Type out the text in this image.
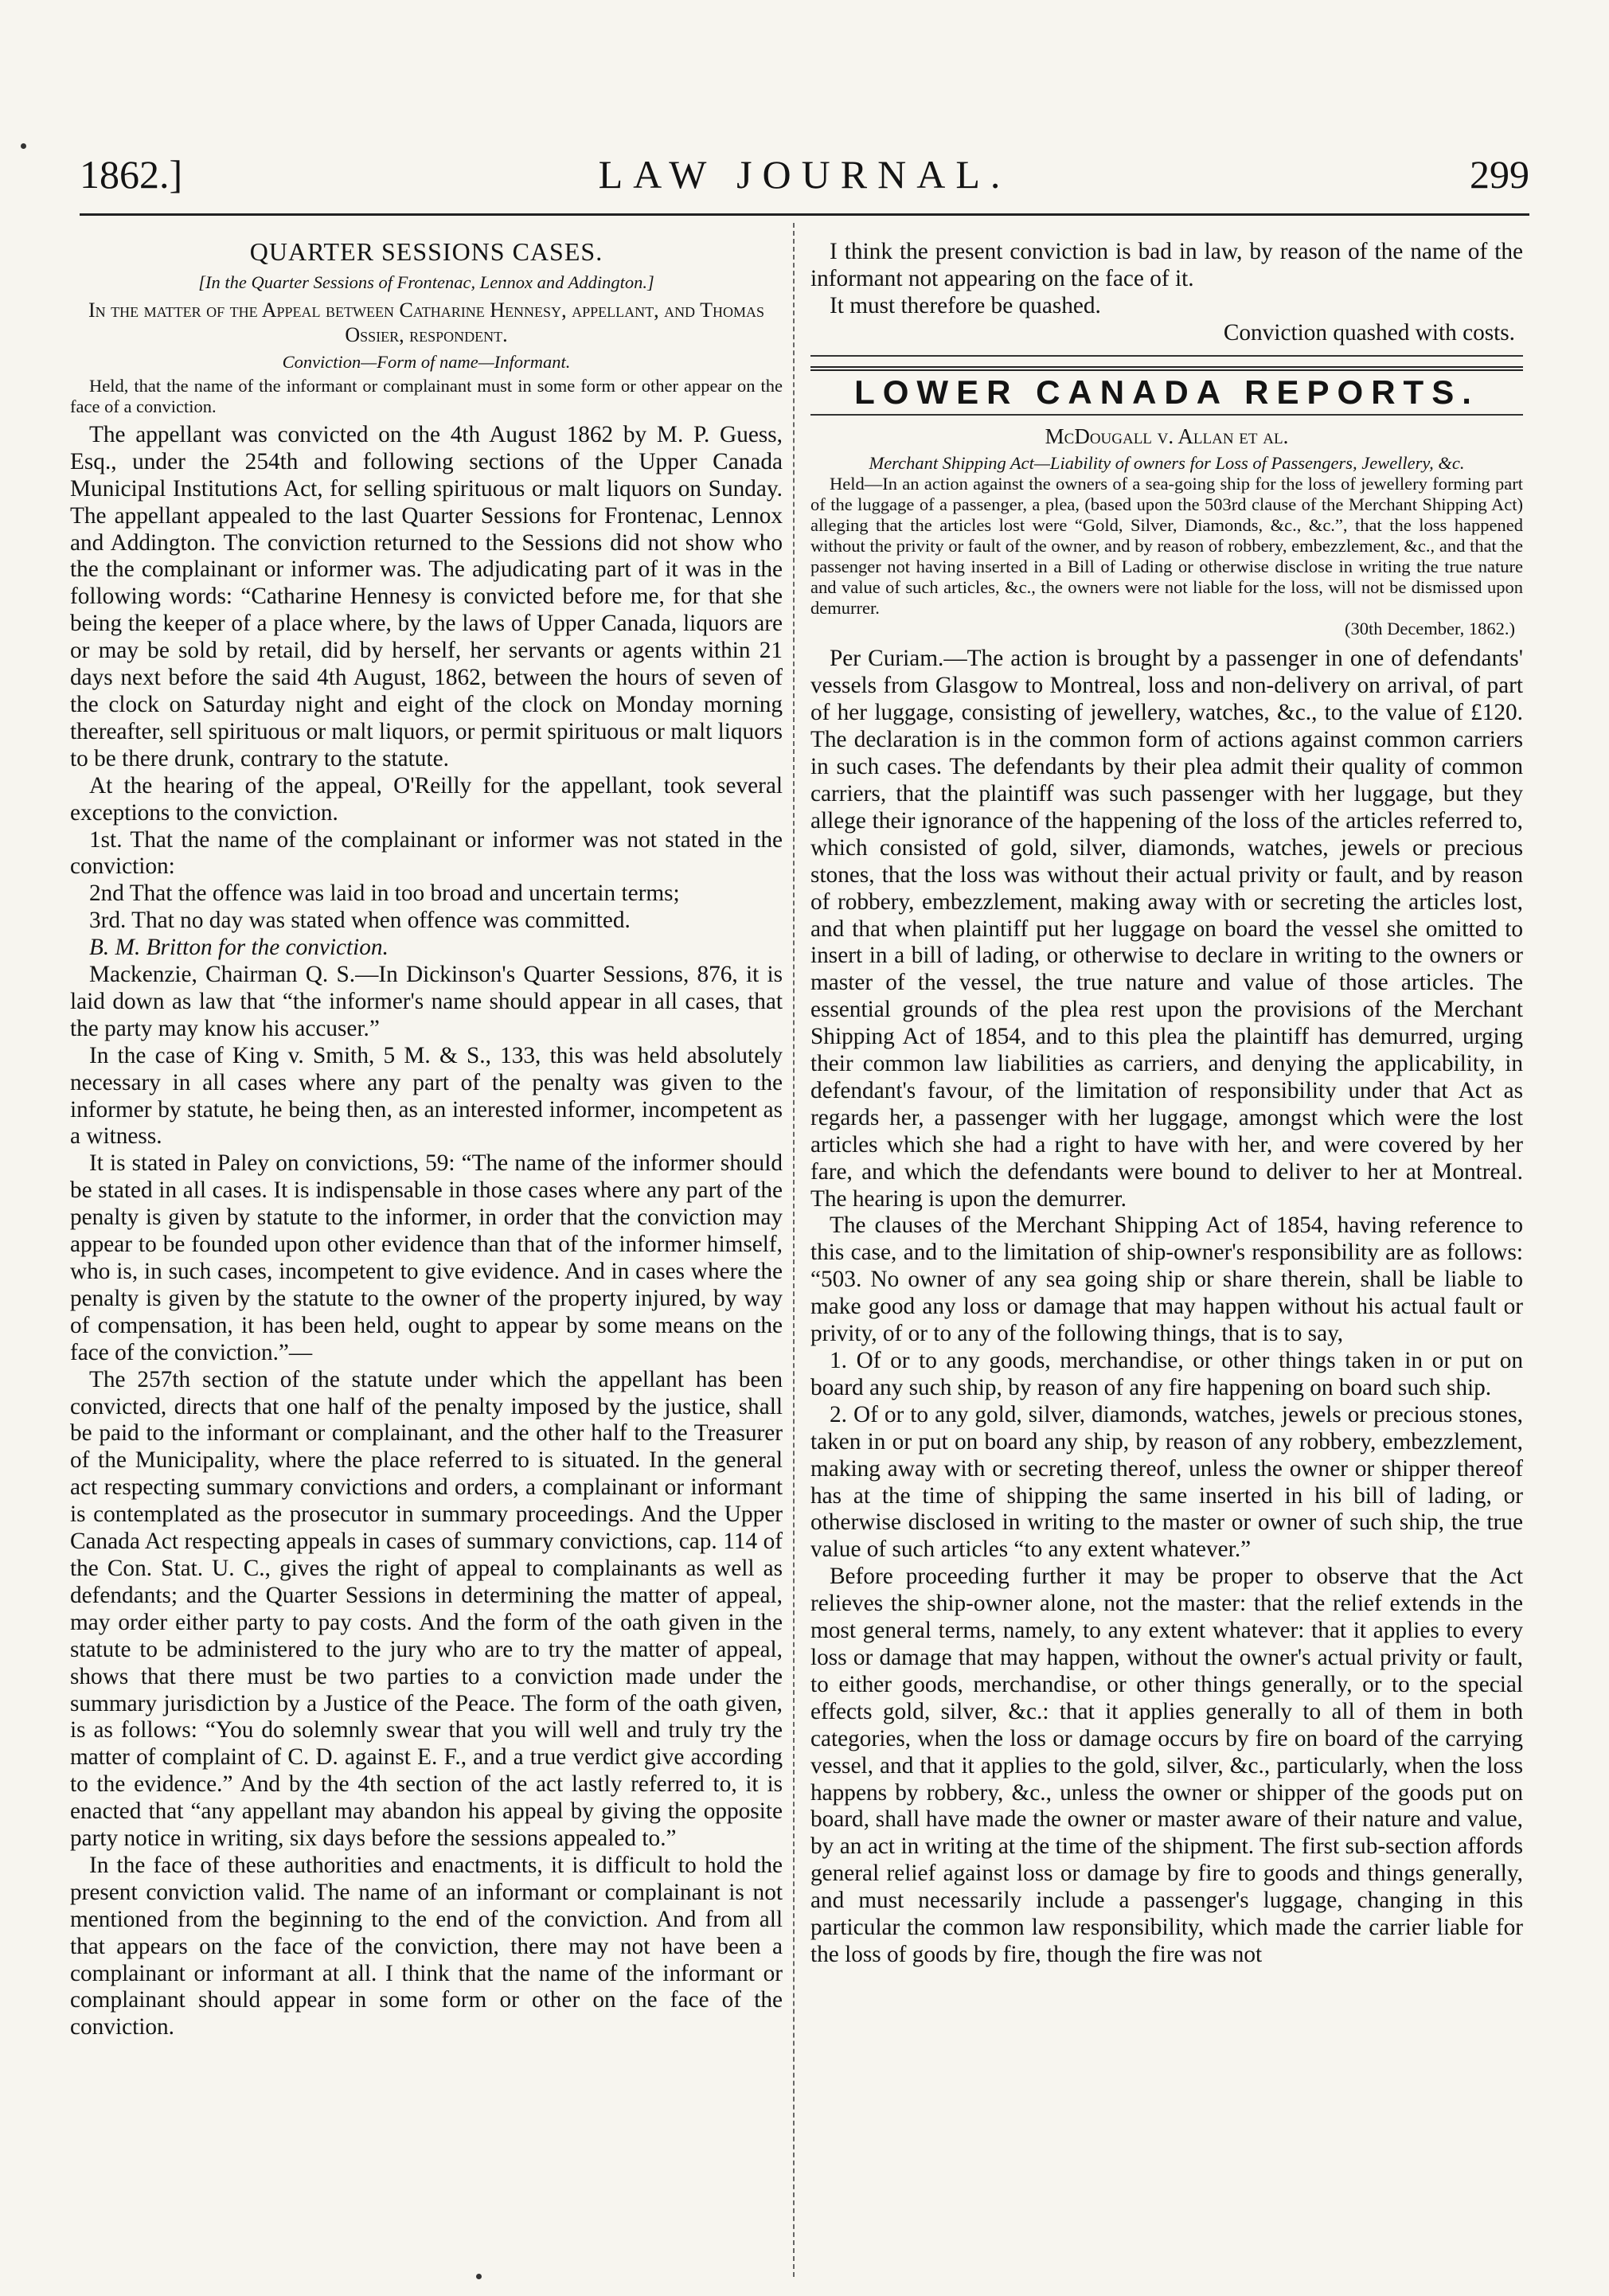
1862.]	LAW JOURNAL.	299
QUARTER SESSIONS CASES.
[In the Quarter Sessions of Frontenac, Lennox and Addington.]
In the matter of the Appeal between Catharine Hennesy, appellant, and Thomas Ossier, respondent.
Conviction—Form of name—Informant.

Held, that the name of the informant or complainant must in some form or other appear on the face of a conviction.

The appellant was convicted on the 4th August 1862 by M. P. Guess, Esq., under the 254th and following sections of the Upper Canada Municipal Institutions Act, for selling spirituous or malt liquors on Sunday. The appellant appealed to the last Quarter Sessions for Frontenac, Lennox and Addington. The conviction returned to the Sessions did not show who the the complainant or informer was. The adjudicating part of it was in the following words: “Catharine Hennesy is convicted before me, for that she being the keeper of a place where, by the laws of Upper Canada, liquors are or may be sold by retail, did by herself, her servants or agents within 21 days next before the said 4th August, 1862, between the hours of seven of the clock on Saturday night and eight of the clock on Monday morning thereafter, sell spirituous or malt liquors, or permit spirituous or malt liquors to be there drunk, contrary to the statute.

At the hearing of the appeal, O'Reilly for the appellant, took several exceptions to the conviction.

1st. That the name of the complainant or informer was not stated in the conviction:

2nd That the offence was laid in too broad and uncertain terms;

3rd. That no day was stated when offence was committed.

B. M. Britton for the conviction.

Mackenzie, Chairman Q. S.—In Dickinson's Quarter Sessions, 876, it is laid down as law that “the informer's name should appear in all cases, that the party may know his accuser.”

In the case of King v. Smith, 5 M. & S., 133, this was held absolutely necessary in all cases where any part of the penalty was given to the informer by statute, he being then, as an interested informer, incompetent as a witness.

It is stated in Paley on convictions, 59: “The name of the informer should be stated in all cases. It is indispensable in those cases where any part of the penalty is given by statute to the informer, in order that the conviction may appear to be founded upon other evidence than that of the informer himself, who is, in such cases, incompetent to give evidence. And in cases where the penalty is given by the statute to the owner of the property injured, by way of compensation, it has been held, ought to appear by some means on the face of the conviction.”—

The 257th section of the statute under which the appellant has been convicted, directs that one half of the penalty imposed by the justice, shall be paid to the informant or complainant, and the other half to the Treasurer of the Municipality, where the place referred to is situated. In the general act respecting summary convictions and orders, a complainant or informant is contemplated as the prosecutor in summary proceedings. And the Upper Canada Act respecting appeals in cases of summary convictions, cap. 114 of the Con. Stat. U. C., gives the right of appeal to complainants as well as defendants; and the Quarter Sessions in determining the matter of appeal, may order either party to pay costs. And the form of the oath given in the statute to be administered to the jury who are to try the matter of appeal, shows that there must be two parties to a conviction made under the summary jurisdiction by a Justice of the Peace. The form of the oath given, is as follows: “You do solemnly swear that you will well and truly try the matter of complaint of C. D. against E. F., and a true verdict give according to the evidence.” And by the 4th section of the act lastly referred to, it is enacted that “any appellant may abandon his appeal by giving the opposite party notice in writing, six days before the sessions appealed to.”

In the face of these authorities and enactments, it is difficult to hold the present conviction valid. The name of an informant or complainant is not mentioned from the beginning to the end of the conviction. And from all that appears on the face of the conviction, there may not have been a complainant or informant at all. I think that the name of the informant or complainant should appear in some form or other on the face of the conviction.

I think the present conviction is bad in law, by reason of the name of the informant not appearing on the face of it.

It must therefore be quashed.

Conviction quashed with costs.
LOWER CANADA REPORTS.
McDougall v. Allan et al.
Merchant Shipping Act—Liability of owners for Loss of Passengers, Jewellery, &c.

Held—In an action against the owners of a sea-going ship for the loss of jewellery forming part of the luggage of a passenger, a plea, (based upon the 503rd clause of the Merchant Shipping Act) alleging that the articles lost were “Gold, Silver, Diamonds, &c., &c.”, that the loss happened without the privity or fault of the owner, and by reason of robbery, embezzlement, &c., and that the passenger not having inserted in a Bill of Lading or otherwise disclose in writing the true nature and value of such articles, &c., the owners were not liable for the loss, will not be dismissed upon demurrer.

(30th December, 1862.)

Per Curiam.—The action is brought by a passenger in one of defendants' vessels from Glasgow to Montreal, loss and non-delivery on arrival, of part of her luggage, consisting of jewellery, watches, &c., to the value of £120. The declaration is in the common form of actions against common carriers in such cases. The defendants by their plea admit their quality of common carriers, that the plaintiff was such passenger with her luggage, but they allege their ignorance of the happening of the loss of the articles referred to, which consisted of gold, silver, diamonds, watches, jewels or precious stones, that the loss was without their actual privity or fault, and by reason of robbery, embezzlement, making away with or secreting the articles lost, and that when plaintiff put her luggage on board the vessel she omitted to insert in a bill of lading, or otherwise to declare in writing to the owners or master of the vessel, the true nature and value of those articles. The essential grounds of the plea rest upon the provisions of the Merchant Shipping Act of 1854, and to this plea the plaintiff has demurred, urging their common law liabilities as carriers, and denying the applicability, in defendant's favour, of the limitation of responsibility under that Act as regards her, a passenger with her luggage, amongst which were the lost articles which she had a right to have with her, and were covered by her fare, and which the defendants were bound to deliver to her at Montreal. The hearing is upon the demurrer.

The clauses of the Merchant Shipping Act of 1854, having reference to this case, and to the limitation of ship-owner's responsibility are as follows: “503. No owner of any sea going ship or share therein, shall be liable to make good any loss or damage that may happen without his actual fault or privity, of or to any of the following things, that is to say,

1. Of or to any goods, merchandise, or other things taken in or put on board any such ship, by reason of any fire happening on board such ship.

2. Of or to any gold, silver, diamonds, watches, jewels or precious stones, taken in or put on board any ship, by reason of any robbery, embezzlement, making away with or secreting thereof, unless the owner or shipper thereof has at the time of shipping the same inserted in his bill of lading, or otherwise disclosed in writing to the master or owner of such ship, the true value of such articles “to any extent whatever.”

Before proceeding further it may be proper to observe that the Act relieves the ship-owner alone, not the master: that the relief extends in the most general terms, namely, to any extent whatever: that it applies to every loss or damage that may happen, without the owner's actual privity or fault, to either goods, merchandise, or other things generally, or to the special effects gold, silver, &c.: that it applies generally to all of them in both categories, when the loss or damage occurs by fire on board of the carrying vessel, and that it applies to the gold, silver, &c., particularly, when the loss happens by robbery, &c., unless the owner or shipper of the goods put on board, shall have made the owner or master aware of their nature and value, by an act in writing at the time of the shipment. The first sub-section affords general relief against loss or damage by fire to goods and things generally, and must necessarily include a passenger's luggage, changing in this particular the common law responsibility, which made the carrier liable for the loss of goods by fire, though the fire was not
